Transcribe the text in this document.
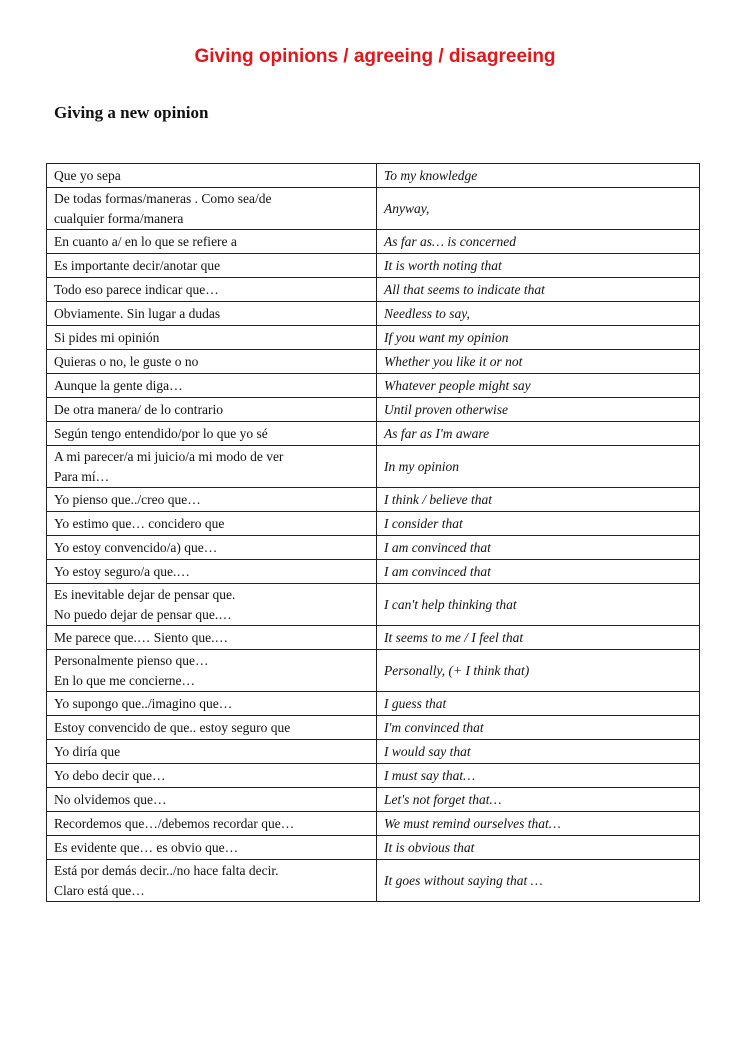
Giving opinions / agreeing / disagreeing
Giving a new opinion
Que yo sepa	To my knowledge

De todas formas/maneras . Como sea/de
cualquier forma/manera	Anyway,

En cuanto a/ en lo que se refiere a	As far as… is concerned

Es importante decir/anotar que	It is worth noting that

Todo eso parece indicar que…	All that seems to indicate that

Obviamente. Sin lugar a dudas	Needless to say,

Si pides mi opinión	If you want my opinion

Quieras o no, le guste o no	Whether you like it or not

Aunque la gente diga…	Whatever people might say

De otra manera/ de lo contrario	Until proven otherwise

Según tengo entendido/por lo que yo sé	As far as I'm aware

A mi parecer/a mi juicio/a mi modo de ver
Para mí…	In my opinion

Yo pienso que../creo que…	I think / believe that

Yo estimo que… concidero que	I consider that

Yo estoy convencido/a) que…	I am convinced that

Yo estoy seguro/a que.…	I am convinced that

Es inevitable dejar de pensar que.
No puedo dejar de pensar que.…	I can't help thinking that

Me parece que.… Siento que.…	It seems to me / I feel that

Personalmente pienso que…
En lo que me concierne…	Personally, (+ I think that)

Yo supongo que../imagino que…	I guess that

Estoy convencido de que.. estoy seguro que	I'm convinced that

Yo diría que	I would say that

Yo debo decir que…	I must say that…

No olvidemos que…	Let's not forget that…

Recordemos que…/debemos recordar que…	We must remind ourselves that…

Es evidente que… es obvio que…	It is obvious that

Está por demás decir../no hace falta decir.
Claro está que…	It goes without saying that …
